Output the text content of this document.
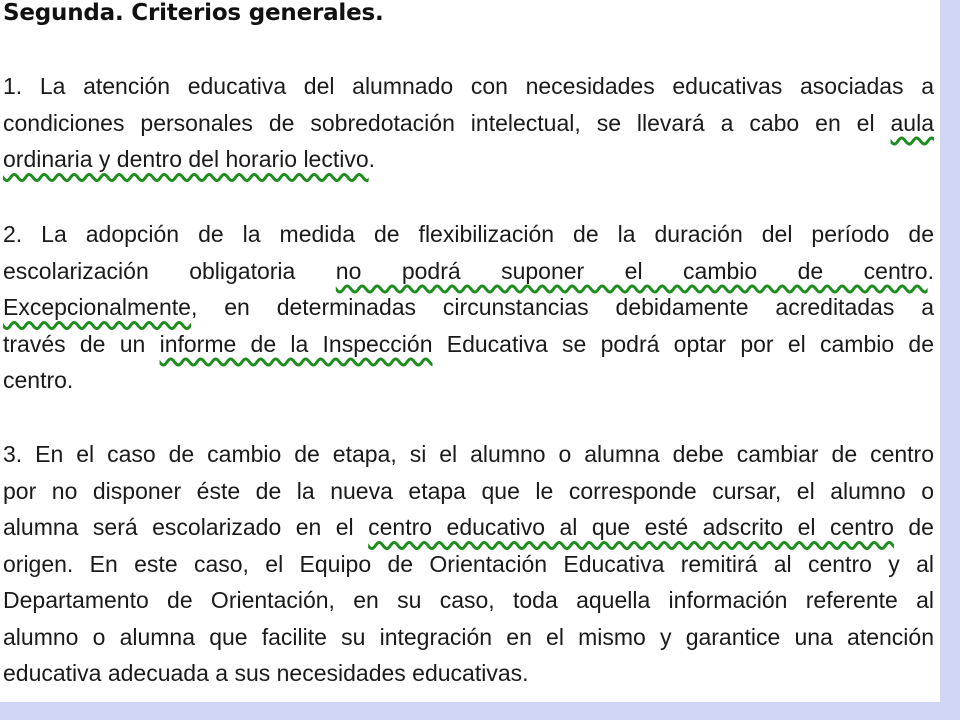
Segunda. Criterios generales.
1. La atención educativa del alumnado con necesidades educativas asociadas a
condiciones personales de sobredotación intelectual, se llevará a cabo en el aula
ordinaria y dentro del horario lectivo.
2. La adopción de la medida de flexibilización de la duración del período de
escolarización obligatoria no podrá suponer el cambio de centro.
Excepcionalmente, en determinadas circunstancias debidamente acreditadas a
través de un informe de la Inspección Educativa se podrá optar por el cambio de
centro.
3. En el caso de cambio de etapa, si el alumno o alumna debe cambiar de centro
por no disponer éste de la nueva etapa que le corresponde cursar, el alumno o
alumna será escolarizado en el centro educativo al que esté adscrito el centro de
origen. En este caso, el Equipo de Orientación Educativa remitirá al centro y al
Departamento de Orientación, en su caso, toda aquella información referente al
alumno o alumna que facilite su integración en el mismo y garantice una atención
educativa adecuada a sus necesidades educativas.
